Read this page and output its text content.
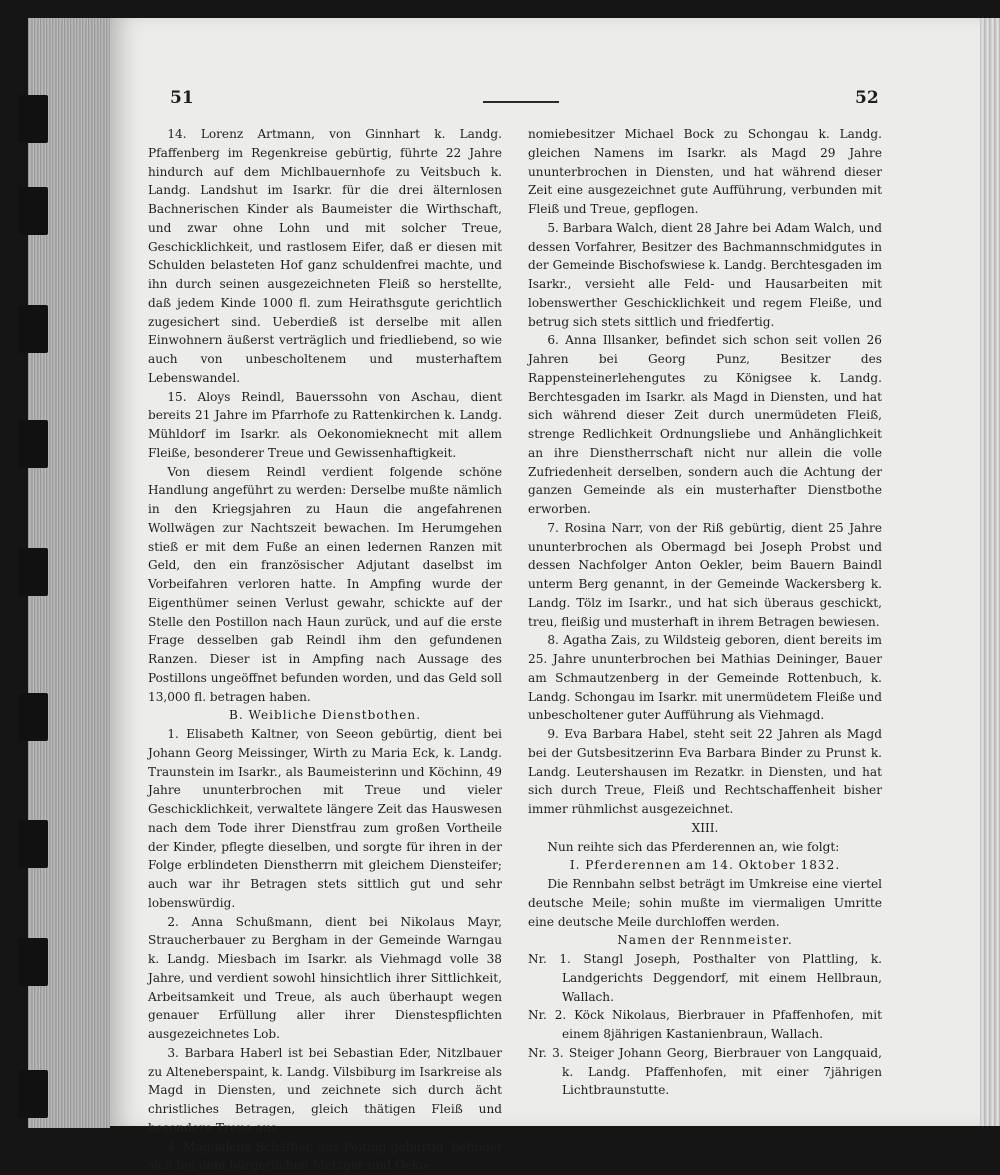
51	52

14. Lorenz Artmann, von Ginnhart k. Landg. Pfaffenberg im Regenkreise gebürtig, führte 22 Jahre hindurch auf dem Michlbauernhofe zu Veitsbuch k. Landg. Landshut im Isarkr. für die drei älternlosen Bachnerischen Kinder als Baumeister die Wirthschaft, und zwar ohne Lohn und mit solcher Treue, Geschicklichkeit, und rastlosem Eifer, daß er diesen mit Schulden belasteten Hof ganz schuldenfrei machte, und ihn durch seinen ausgezeichneten Fleiß so herstellte, daß jedem Kinde 1000 fl. zum Heirathsgute gerichtlich zugesichert sind. Ueberdieß ist derselbe mit allen Einwohnern äußerst verträglich und friedliebend, so wie auch von unbescholtenem und musterhaftem Lebenswandel.

15. Aloys Reindl, Bauerssohn von Aschau, dient bereits 21 Jahre im Pfarrhofe zu Rattenkirchen k. Landg. Mühldorf im Isarkr. als Oekonomieknecht mit allem Fleiße, besonderer Treue und Gewissenhaftigkeit.

Von diesem Reindl verdient folgende schöne Handlung angeführt zu werden: Derselbe mußte nämlich in den Kriegsjahren zu Haun die angefahrenen Wollwägen zur Nachtszeit bewachen. Im Herumgehen stieß er mit dem Fuße an einen ledernen Ranzen mit Geld, den ein französischer Adjutant daselbst im Vorbeifahren verloren hatte. In Ampfing wurde der Eigenthümer seinen Verlust gewahr, schickte auf der Stelle den Postillon nach Haun zurück, und auf die erste Frage desselben gab Reindl ihm den gefundenen Ranzen. Dieser ist in Ampfing nach Aussage des Postillons ungeöffnet befunden worden, und das Geld soll 13,000 fl. betragen haben.

B. Weibliche Dienstbothen.

1. Elisabeth Kaltner, von Seeon gebürtig, dient bei Johann Georg Meissinger, Wirth zu Maria Eck, k. Landg. Traunstein im Isarkr., als Baumeisterinn und Köchinn, 49 Jahre ununterbrochen mit Treue und vieler Geschicklichkeit, verwaltete längere Zeit das Hauswesen nach dem Tode ihrer Dienstfrau zum großen Vortheile der Kinder, pflegte dieselben, und sorgte für ihren in der Folge erblindeten Dienstherrn mit gleichem Diensteifer; auch war ihr Betragen stets sittlich gut und sehr lobenswürdig.

2. Anna Schußmann, dient bei Nikolaus Mayr, Straucherbauer zu Bergham in der Gemeinde Warngau k. Landg. Miesbach im Isarkr. als Viehmagd volle 38 Jahre, und verdient sowohl hinsichtlich ihrer Sittlichkeit, Arbeitsamkeit und Treue, als auch überhaupt wegen genauer Erfüllung aller ihrer Dienstespflichten ausgezeichnetes Lob.

3. Barbara Haberl ist bei Sebastian Eder, Nitzlbauer zu Alteneberspaint, k. Landg. Vilsbiburg im Isarkreise als Magd in Diensten, und zeichnete sich durch ächt christliches Betragen, gleich thätigen Fleiß und besondere Treue aus.

4. Magdalena Schäffler, aus Peiting gebürtig, befindet sich bei dem bürgerlichen Metzger und Oeko-

nomiebesitzer Michael Bock zu Schongau k. Landg. gleichen Namens im Isarkr. als Magd 29 Jahre ununterbrochen in Diensten, und hat während dieser Zeit eine ausgezeichnet gute Aufführung, verbunden mit Fleiß und Treue, gepflogen.

5. Barbara Walch, dient 28 Jahre bei Adam Walch, und dessen Vorfahrer, Besitzer des Bachmannschmidgutes in der Gemeinde Bischofswiese k. Landg. Berchtesgaden im Isarkr., versieht alle Feld- und Hausarbeiten mit lobenswerther Geschicklichkeit und regem Fleiße, und betrug sich stets sittlich und friedfertig.

6. Anna Illsanker, befindet sich schon seit vollen 26 Jahren bei Georg Punz, Besitzer des Rappensteinerlehengutes zu Königsee k. Landg. Berchtesgaden im Isarkr. als Magd in Diensten, und hat sich während dieser Zeit durch unermüdeten Fleiß, strenge Redlichkeit Ordnungsliebe und Anhänglichkeit an ihre Dienstherrschaft nicht nur allein die volle Zufriedenheit derselben, sondern auch die Achtung der ganzen Gemeinde als ein musterhafter Dienstbothe erworben.

7. Rosina Narr, von der Riß gebürtig, dient 25 Jahre ununterbrochen als Obermagd bei Joseph Probst und dessen Nachfolger Anton Oekler, beim Bauern Baindl unterm Berg genannt, in der Gemeinde Wackersberg k. Landg. Tölz im Isarkr., und hat sich überaus geschickt, treu, fleißig und musterhaft in ihrem Betragen bewiesen.

8. Agatha Zais, zu Wildsteig geboren, dient bereits im 25. Jahre ununterbrochen bei Mathias Deininger, Bauer am Schmautzenberg in der Gemeinde Rottenbuch, k. Landg. Schongau im Isarkr. mit unermüdetem Fleiße und unbescholtener guter Aufführung als Viehmagd.

9. Eva Barbara Habel, steht seit 22 Jahren als Magd bei der Gutsbesitzerinn Eva Barbara Binder zu Prunst k. Landg. Leutershausen im Rezatkr. in Diensten, und hat sich durch Treue, Fleiß und Rechtschaffenheit bisher immer rühmlichst ausgezeichnet.

XIII.

Nun reihte sich das Pferderennen an, wie folgt:

I. Pferderennen am 14. Oktober 1832.

Die Rennbahn selbst beträgt im Umkreise eine viertel deutsche Meile; sohin mußte im viermaligen Umritte eine deutsche Meile durchloffen werden.

Namen der Rennmeister.

Nr. 1. Stangl Joseph, Posthalter von Plattling, k. Landgerichts Deggendorf, mit einem Hellbraun, Wallach.

Nr. 2. Köck Nikolaus, Bierbrauer in Pfaffenhofen, mit einem 8jährigen Kastanienbraun, Wallach.

Nr. 3. Steiger Johann Georg, Bierbrauer von Langquaid, k. Landg. Pfaffenhofen, mit einer 7jährigen Lichtbraunstutte.
